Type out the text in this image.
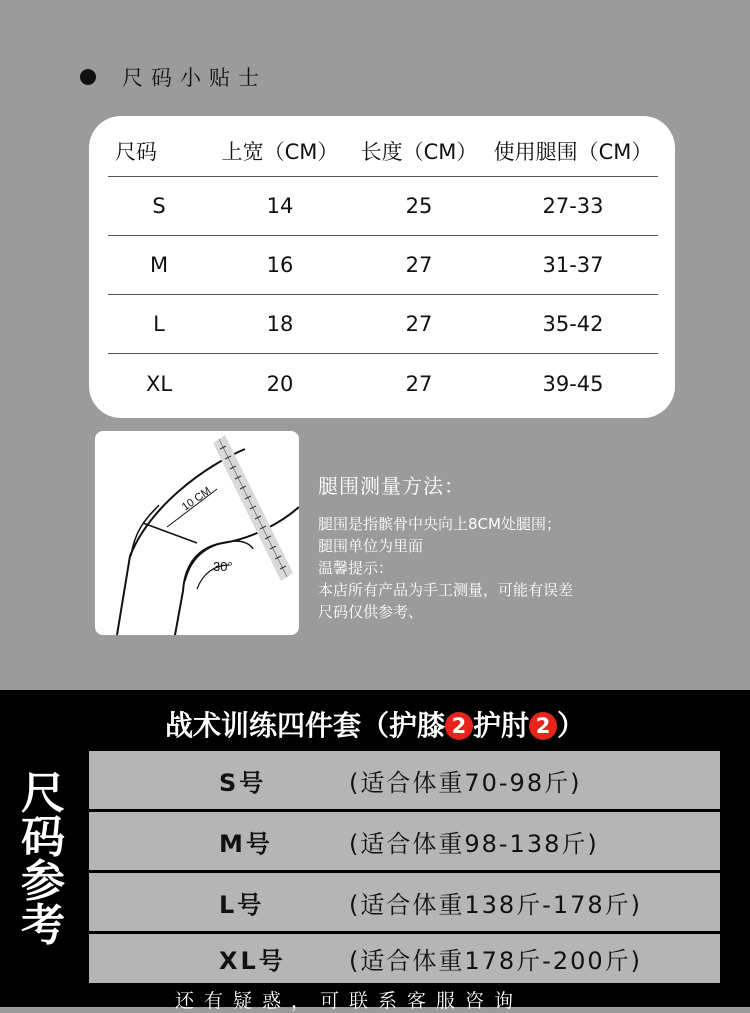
尺码小贴士
尺码	上宽（CM）	长度（CM）	使用腿围（CM）
S	14	25	27-33
M	16	27	31-37
L	18	27	35-42
XL	20	27	39-45
10 CM
30°
腿围测量方法：
腿围是指髌骨中央向上8CM处腿围；
腿围单位为里面
温馨提示：
本店所有产品为手工测量，可能有误差
尺码仅供参考、
战术训练四件套（护膝 2 护肘 2 ）
尺码参考
S号	(适合体重70-98斤)
M号	(适合体重98-138斤)
L号	(适合体重138斤-178斤)
XL号	(适合体重178斤-200斤)
还有疑惑，可联系客服咨询
